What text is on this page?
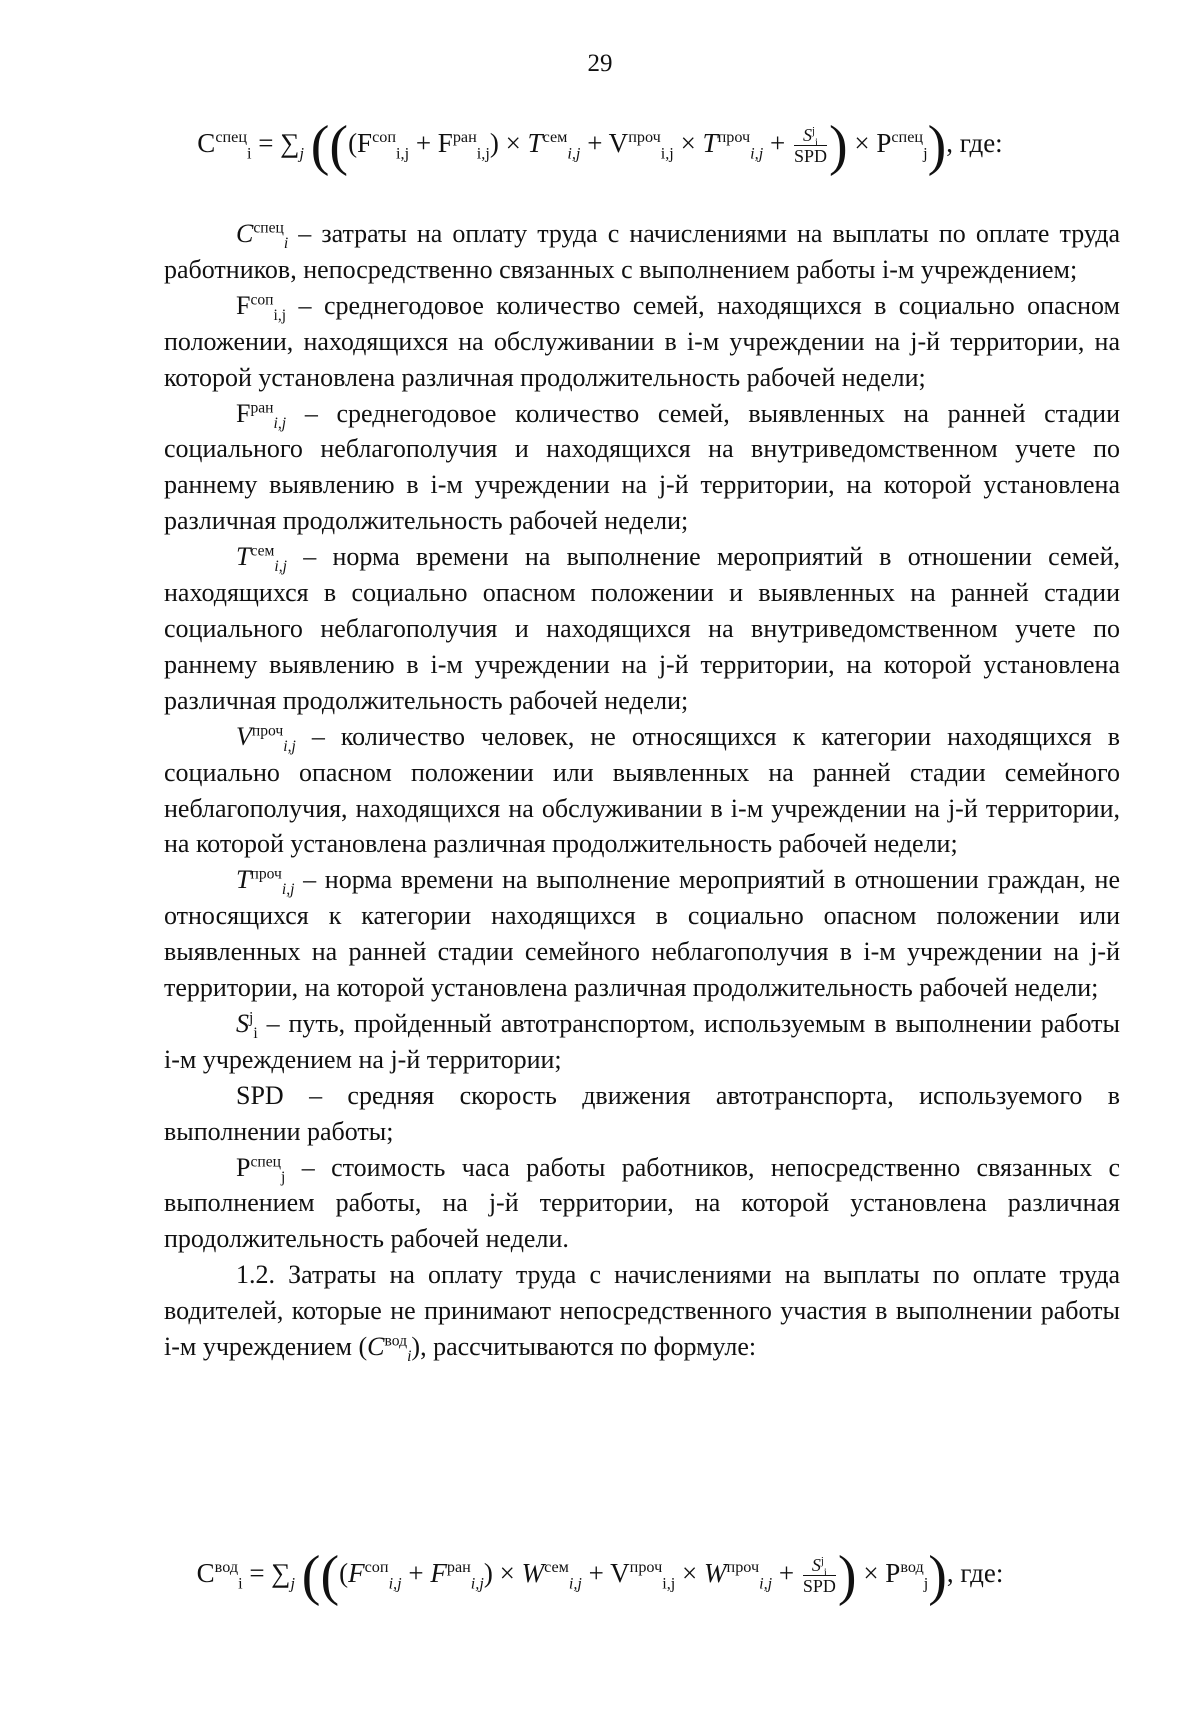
29
$C^{спец}_i = \sum_j$ (($(F^{соп}_{i,j} + F^{ран}_{i,j}) \times T^{сем}_{i,j} + V^{проч}_{i,j} \times T^{проч}_{i,j} + \frac{S^j_i}{\text{SPD}}$ ) × $P^{спец}_j$), где:

$C^{спец}_i$ – затраты на оплату труда с начислениями на выплаты по оплате труда работников, непосредственно связанных с выполнением работы i-м учреждением;

$F^{соп}_{i,j}$ – среднегодовое количество семей, находящихся в социально опасном положении, находящихся на обслуживании в i-м учреждении на j-й территории, на которой установлена различная продолжительность рабочей недели;

$F^{ран}_{i,j}$ – среднегодовое количество семей, выявленных на ранней стадии социального неблагополучия и находящихся на внутриведомственном учете по раннему выявлению в i-м учреждении на j-й территории, на которой установлена различная продолжительность рабочей недели;

$T^{сем}_{i,j}$ – норма времени на выполнение мероприятий в отношении семей, находящихся в социально опасном положении и выявленных на ранней стадии социального неблагополучия и находящихся на внутриведомственном учете по раннему выявлению в i-м учреждении на j-й территории, на которой установлена различная продолжительность рабочей недели;

$V^{проч}_{i,j}$ – количество человек, не относящихся к категории находящихся в социально опасном положении или выявленных на ранней стадии семейного неблагополучия, находящихся на обслуживании в i-м учреждении на j-й территории, на которой установлена различная продолжительность рабочей недели;

$T^{проч}_{i,j}$ – норма времени на выполнение мероприятий в отношении граждан, не относящихся к категории находящихся в социально опасном положении или выявленных на ранней стадии семейного неблагополучия в i-м учреждении на j-й территории, на которой установлена различная продолжительность рабочей недели;

$S^j_i$ – путь, пройденный автотранспортом, используемым в выполнении работы i-м учреждением на j-й территории;

SPD – средняя скорость движения автотранспорта, используемого в выполнении работы;

$P^{спец}_j$ – стоимость часа работы работников, непосредственно связанных с выполнением работы, на j-й территории, на которой установлена различная продолжительность рабочей недели.

1.2. Затраты на оплату труда с начислениями на выплаты по оплате труда водителей, которые не принимают непосредственного участия в выполнении работы i-м учреждением $(C^{вод}_i)$, рассчитываются по формуле:

$C^{вод}_i = \sum_j$ (($(F^{соп}_{i,j} + F^{ран}_{i,j}) \times W^{сем}_{i,j} + V^{проч}_{i,j} \times W^{проч}_{i,j} + \frac{S^j_i}{\text{SPD}}$ ) × $P^{вод}_j$), где:
